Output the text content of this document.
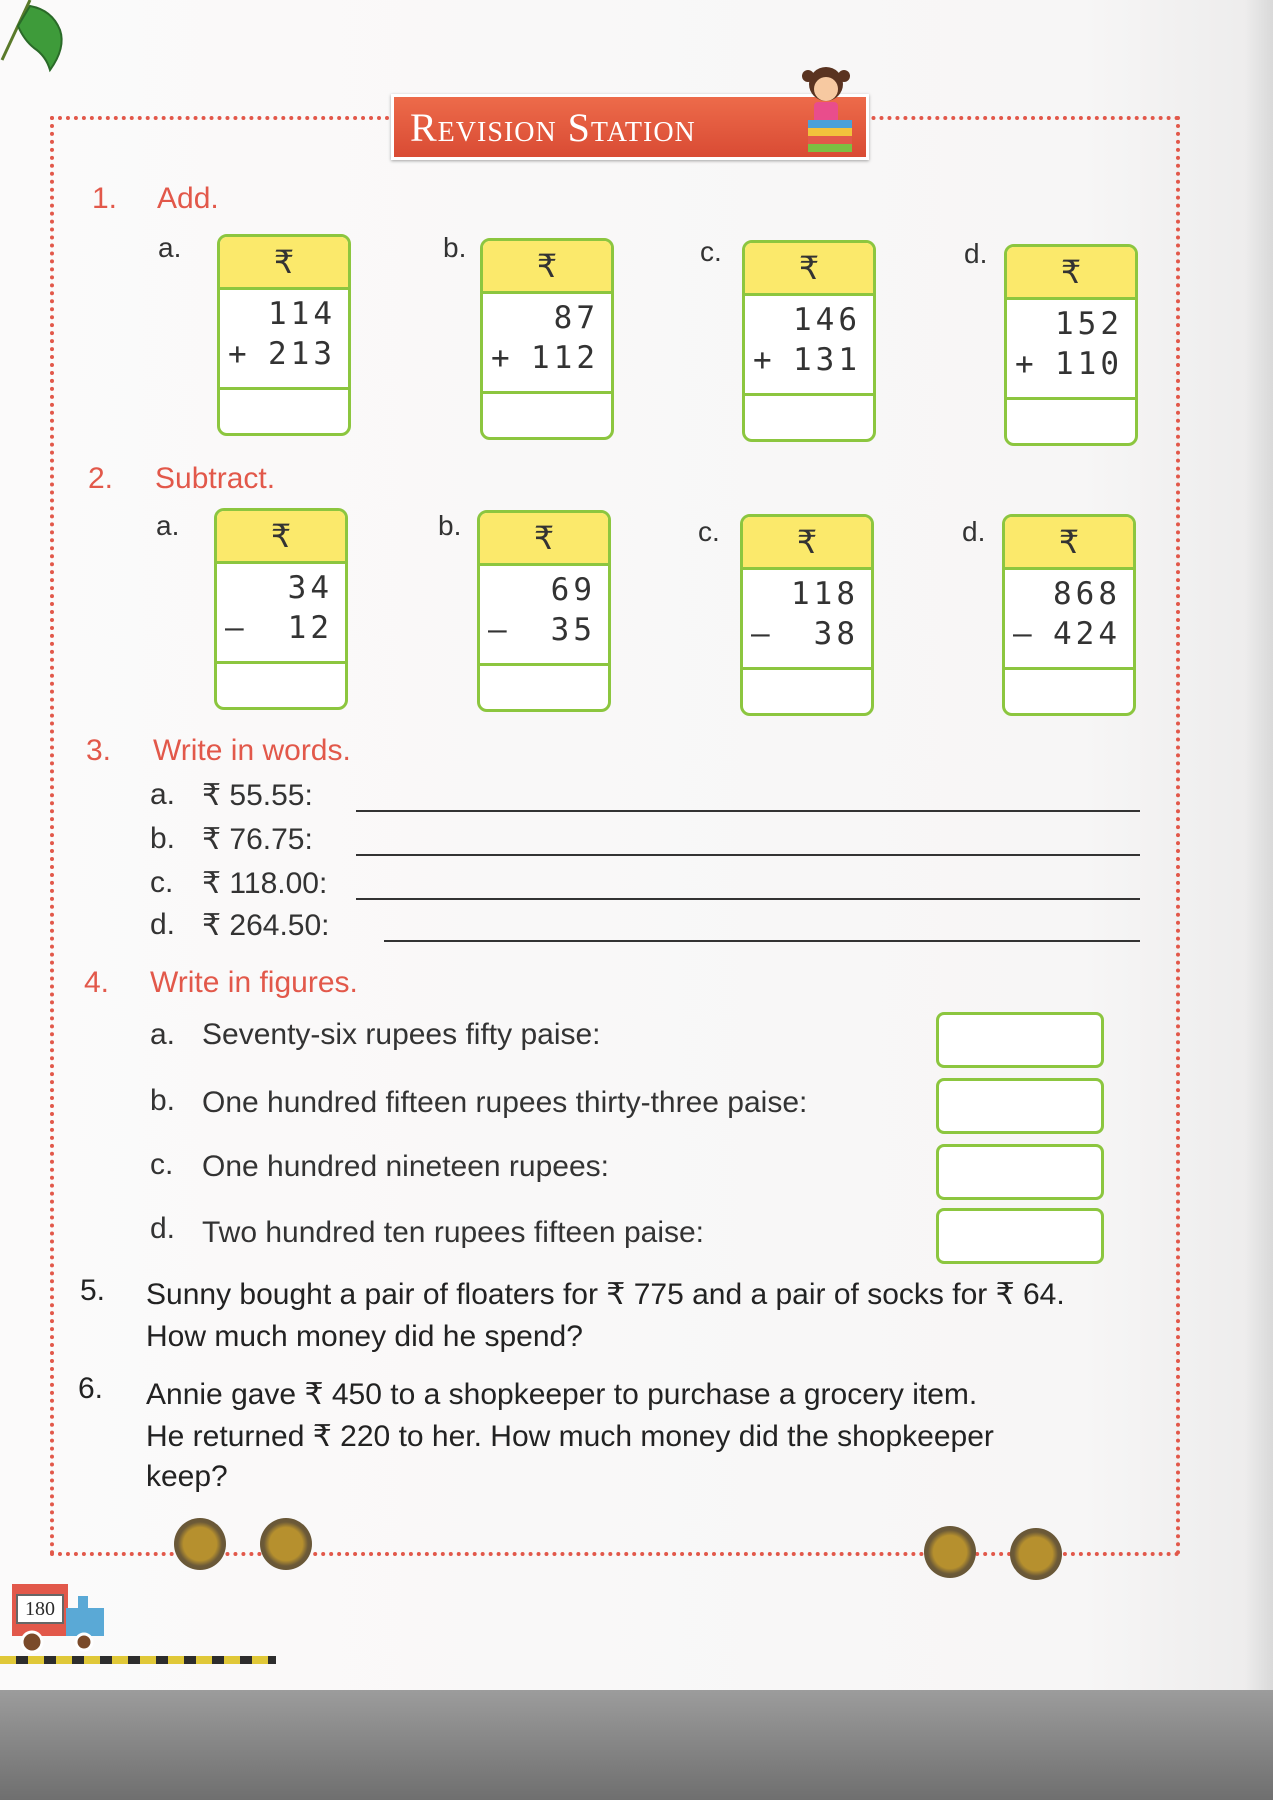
Revision Station
1. Add.
a.	₹
114
+ 213
b.
₹
87
+ 112
c.	₹
146
+ 131
d.
₹
152
+ 110
2. Subtract.
a.	₹
34
– 12
b.	₹
69
– 35
c.	₹
118
– 38
d.	₹
868
– 424
3. Write in words.
a. ₹ 55.55:
b. ₹ 76.75:
c. ₹ 118.00:
d. ₹ 264.50:
4. Write in figures.
a. Seventy-six rupees fifty paise:
b. One hundred fifteen rupees thirty-three paise:
c. One hundred nineteen rupees:
d. Two hundred ten rupees fifteen paise:
5. Sunny bought a pair of floaters for ₹ 775 and a pair of socks for ₹ 64.
How much money did he spend?
6. Annie gave ₹ 450 to a shopkeeper to purchase a grocery item.
He returned ₹ 220 to her. How much money did the shopkeeper
keep?
180
